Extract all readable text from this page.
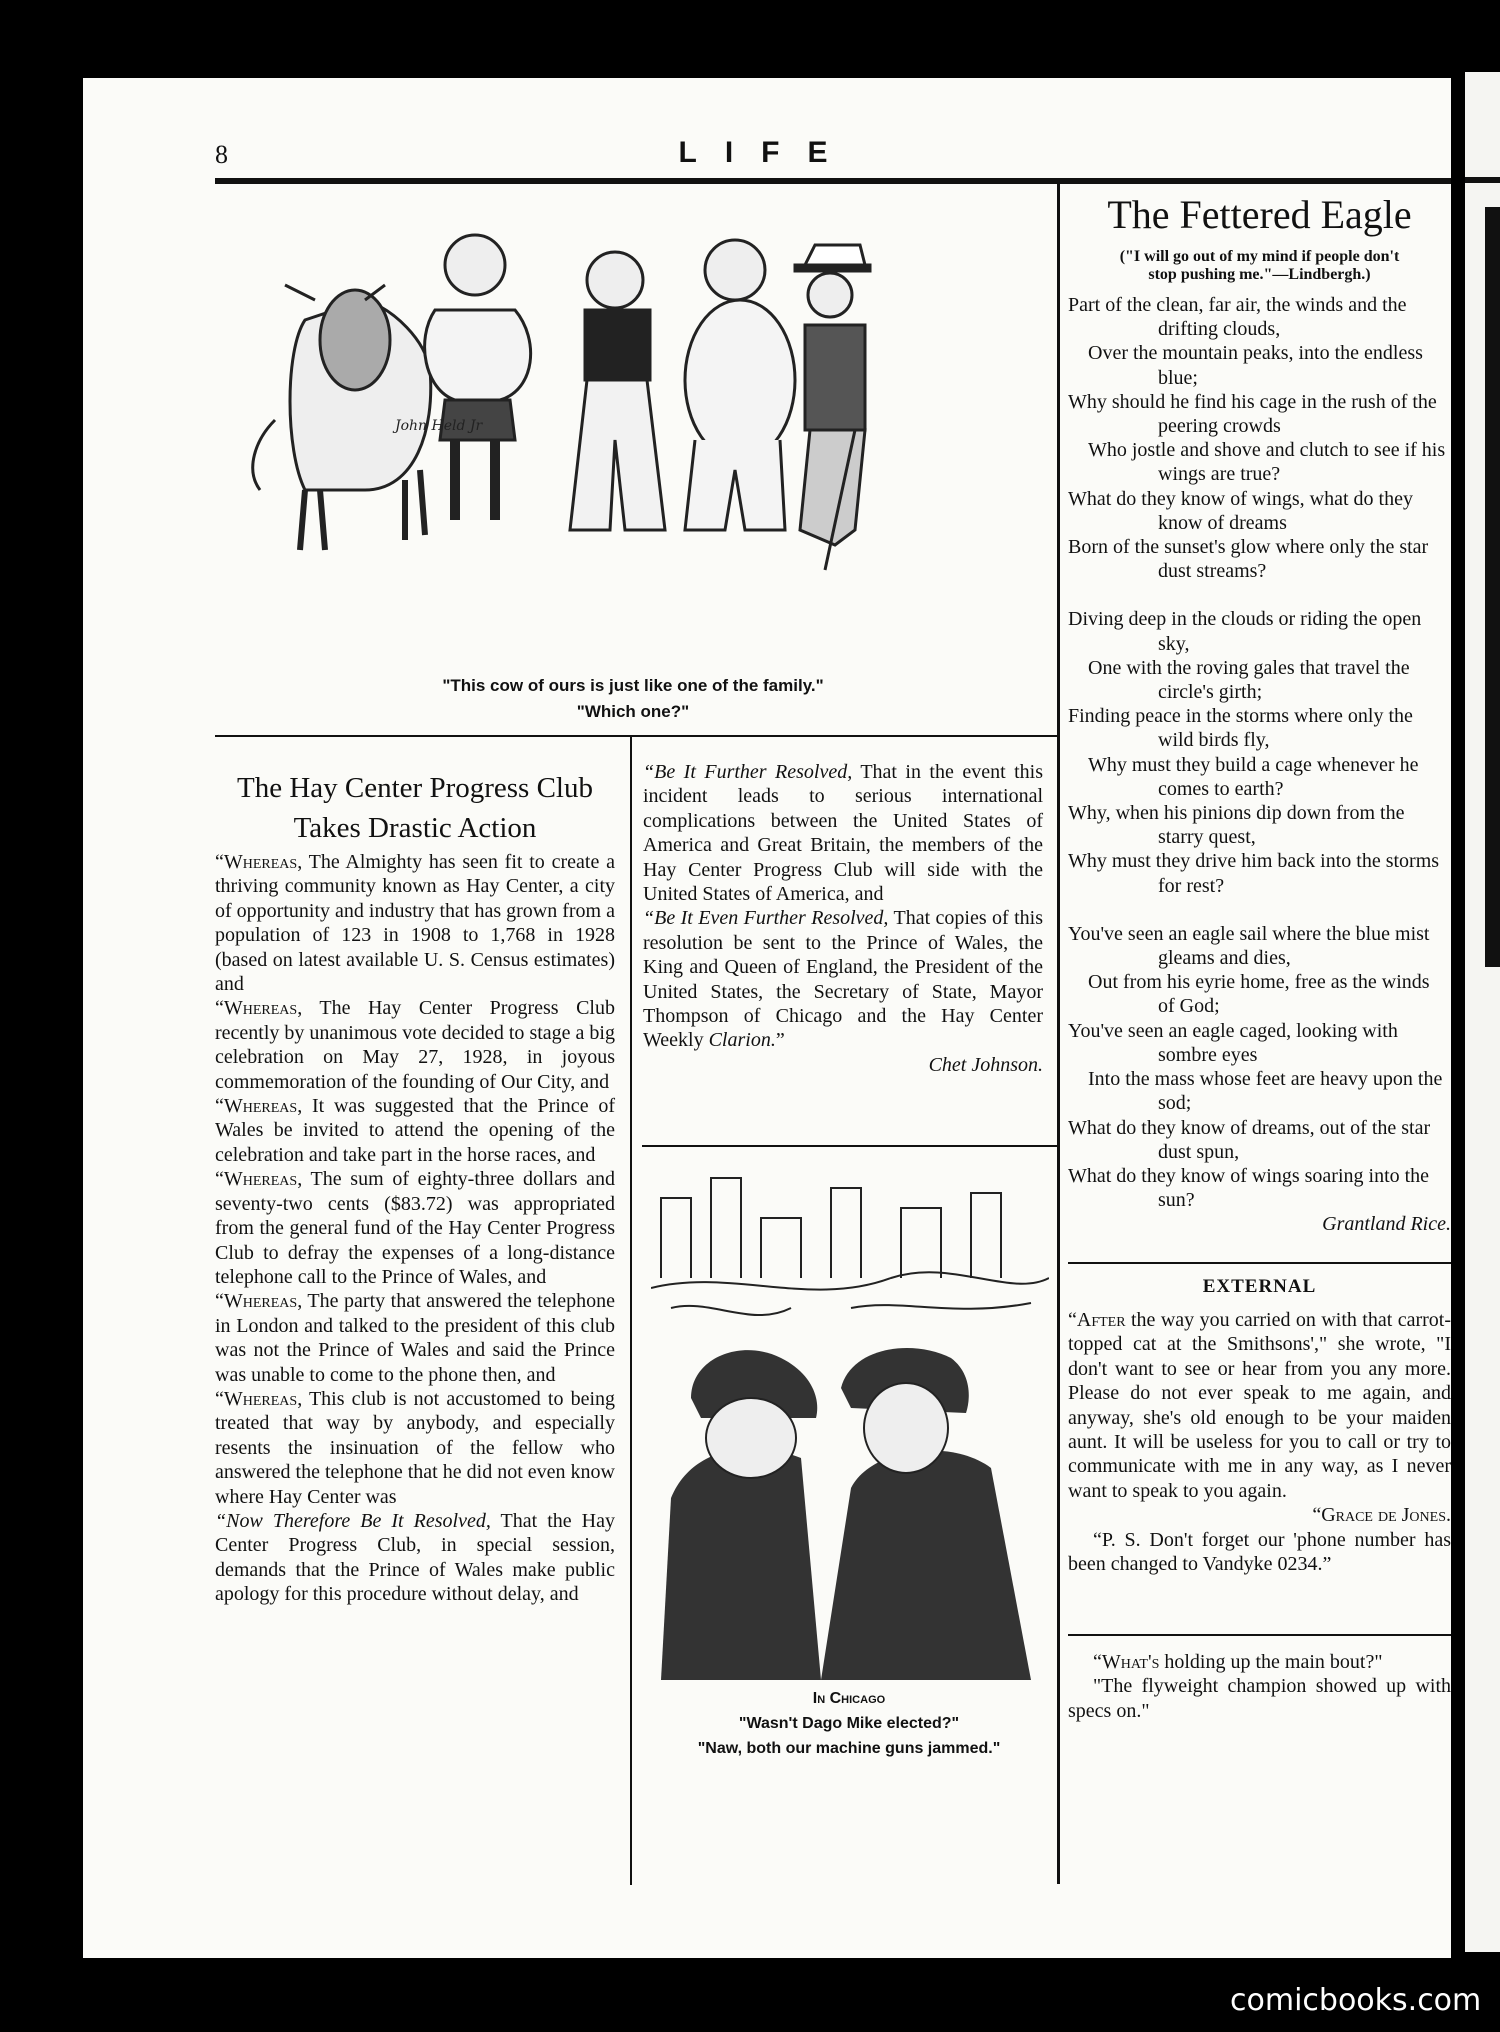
8	LIFE
John Held Jr
"This cow of ours is just like one of the family."
"Which one?"
The Hay Center Progress Club
Takes Drastic Action

“Whereas, The Almighty has seen fit to create a thriving community known as Hay Center, a city of opportunity and industry that has grown from a population of 123 in 1908 to 1,768 in 1928 (based on latest available U. S. Census estimates) and

“Whereas, The Hay Center Progress Club recently by unanimous vote decided to stage a big celebration on May 27, 1928, in joyous commemoration of the founding of Our City, and

“Whereas, It was suggested that the Prince of Wales be invited to attend the opening of the celebration and take part in the horse races, and

“Whereas, The sum of eighty-three dollars and seventy-two cents ($83.72) was appropriated from the general fund of the Hay Center Progress Club to defray the expenses of a long-distance telephone call to the Prince of Wales, and

“Whereas, The party that answered the telephone in London and talked to the president of this club was not the Prince of Wales and said the Prince was unable to come to the phone then, and

“Whereas, This club is not accustomed to being treated that way by anybody, and especially resents the insinuation of the fellow who answered the telephone that he did not even know where Hay Center was

“Now Therefore Be It Resolved, That the Hay Center Progress Club, in special session, demands that the Prince of Wales make public apology for this procedure without delay, and

“Be It Further Resolved, That in the event this incident leads to serious international complications between the United States of America and Great Britain, the members of the Hay Center Progress Club will side with the United States of America, and

“Be It Even Further Resolved, That copies of this resolution be sent to the Prince of Wales, the King and Queen of England, the President of the United States, the Secretary of State, Mayor Thompson of Chicago and the Hay Center Weekly Clarion.”

Chet Johnson.

In Chicago
"Wasn't Dago Mike elected?"
"Naw, both our machine guns jammed."
The Fettered Eagle
("I will go out of my mind if people don't
stop pushing me."—Lindbergh.)
Part of the clean, far air, the winds and the drifting clouds,
Over the mountain peaks, into the endless blue;
Why should he find his cage in the rush of the peering crowds
Who jostle and shove and clutch to see if his wings are true?
What do they know of wings, what do they know of dreams
Born of the sunset's glow where only the star dust streams?
Diving deep in the clouds or riding the open sky,
One with the roving gales that travel the circle's girth;
Finding peace in the storms where only the wild birds fly,
Why must they build a cage whenever he comes to earth?
Why, when his pinions dip down from the starry quest,
Why must they drive him back into the storms for rest?
You've seen an eagle sail where the blue mist gleams and dies,
Out from his eyrie home, free as the winds of God;
You've seen an eagle caged, looking with sombre eyes
Into the mass whose feet are heavy upon the sod;
What do they know of dreams, out of the star dust spun,
What do they know of wings soaring into the sun?
Grantland Rice.
EXTERNAL

“After the way you carried on with that carrot-topped cat at the Smithsons'," she wrote, "I don't want to see or hear from you any more. Please do not ever speak to me again, and anyway, she's old enough to be your maiden aunt. It will be useless for you to call or try to communicate with me in any way, as I never want to speak to you again.

“Grace de Jones.

“P. S. Don't forget our 'phone number has been changed to Vandyke 0234.”

“What's holding up the main bout?"

"The flyweight champion showed up with specs on."

comicbooks.com
